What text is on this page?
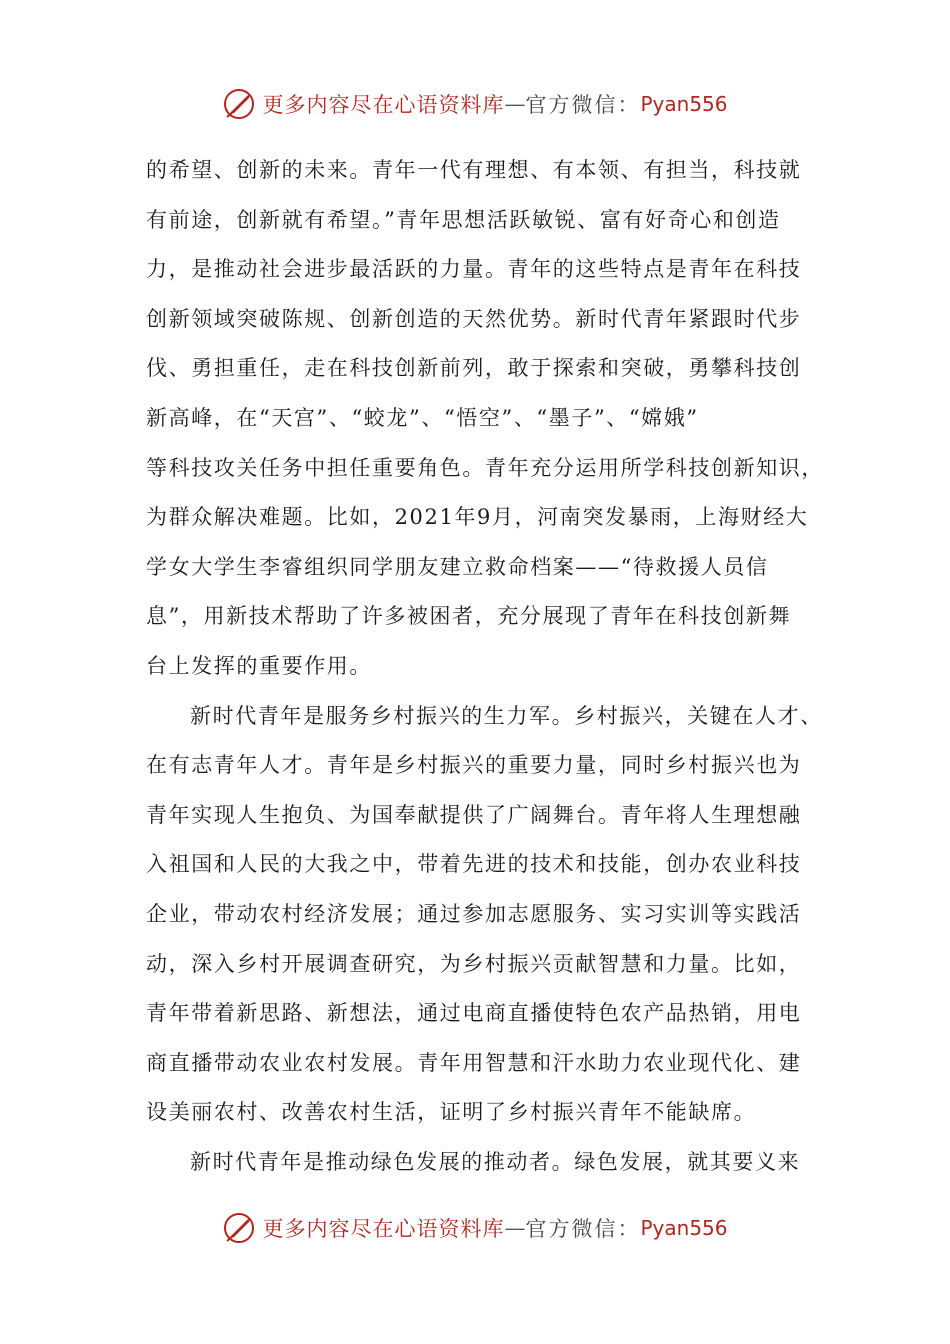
更多内容尽在心语资料库 — 官方微信： Pyan556
的希望、创新的未来。青年一代有理想、有本领、有担当，科技就
有前途，创新就有希望。”青年思想活跃敏锐、富有好奇心和创造
力，是推动社会进步最活跃的力量。青年的这些特点是青年在科技
创新领域突破陈规、创新创造的天然优势。新时代青年紧跟时代步
伐、勇担重任，走在科技创新前列，敢于探索和突破，勇攀科技创
新高峰，在“天宫”、“蛟龙”、“悟空”、“墨子”、“嫦娥”
等科技攻关任务中担任重要角色。青年充分运用所学科技创新知识，
为群众解决难题。比如，2021年9月，河南突发暴雨，上海财经大
学女大学生李睿组织同学朋友建立救命档案——“待救援人员信
息”，用新技术帮助了许多被困者，充分展现了青年在科技创新舞
台上发挥的重要作用。
新时代青年是服务乡村振兴的生力军。乡村振兴，关键在人才、
在有志青年人才。青年是乡村振兴的重要力量，同时乡村振兴也为
青年实现人生抱负、为国奉献提供了广阔舞台。青年将人生理想融
入祖国和人民的大我之中，带着先进的技术和技能，创办农业科技
企业，带动农村经济发展；通过参加志愿服务、实习实训等实践活
动，深入乡村开展调查研究，为乡村振兴贡献智慧和力量。比如，
青年带着新思路、新想法，通过电商直播使特色农产品热销，用电
商直播带动农业农村发展。青年用智慧和汗水助力农业现代化、建
设美丽农村、改善农村生活，证明了乡村振兴青年不能缺席。
新时代青年是推动绿色发展的推动者。绿色发展，就其要义来
更多内容尽在心语资料库 — 官方微信： Pyan556
